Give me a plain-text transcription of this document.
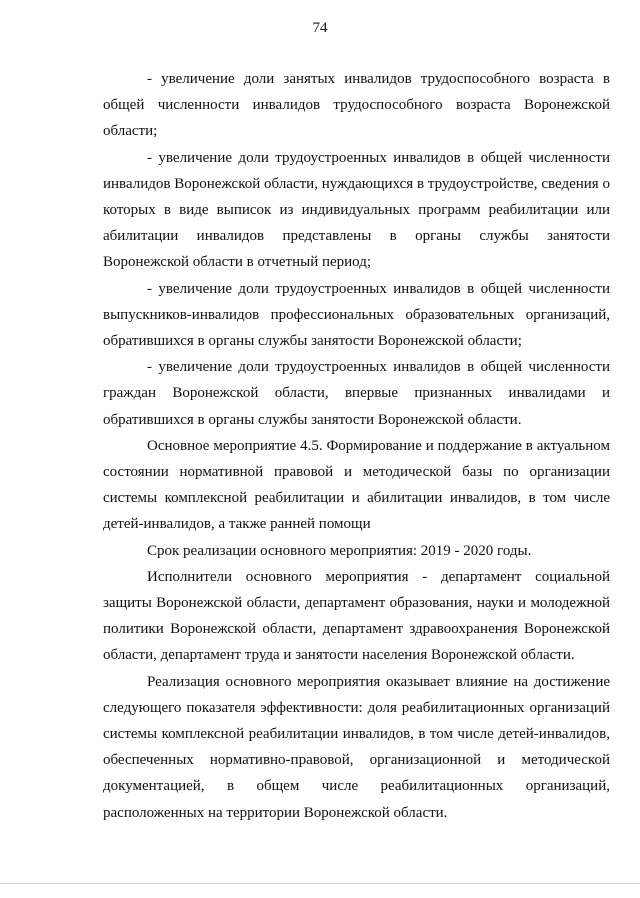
74

- увеличение доли занятых инвалидов трудоспособного возраста в общей численности инвалидов трудоспособного возраста Воронежской области;

- увеличение доли трудоустроенных инвалидов в общей численности инвалидов Воронежской области, нуждающихся в трудоустройстве, сведения о которых в виде выписок из индивидуальных программ реабилитации или абилитации инвалидов представлены в органы службы занятости Воронежской области в отчетный период;

- увеличение доли трудоустроенных инвалидов в общей численности выпускников-инвалидов профессиональных образовательных организаций, обратившихся в органы службы занятости Воронежской области;

- увеличение доли трудоустроенных инвалидов в общей численности граждан Воронежской области, впервые признанных инвалидами и обратившихся в органы службы занятости Воронежской области.

Основное мероприятие 4.5. Формирование и поддержание в актуальном состоянии нормативной правовой и методической базы по организации системы комплексной реабилитации и абилитации инвалидов, в том числе детей-инвалидов, а также ранней помощи

Срок реализации основного мероприятия: 2019 - 2020 годы.

Исполнители основного мероприятия - департамент социальной защиты Воронежской области, департамент образования, науки и молодежной политики Воронежской области, департамент здравоохранения Воронежской области, департамент труда и занятости населения Воронежской области.

Реализация основного мероприятия оказывает влияние на достижение следующего показателя эффективности: доля реабилитационных организаций системы комплексной реабилитации инвалидов, в том числе детей-инвалидов, обеспеченных нормативно-правовой, организационной и методической документацией, в общем числе реабилитационных организаций, расположенных на территории Воронежской области.
